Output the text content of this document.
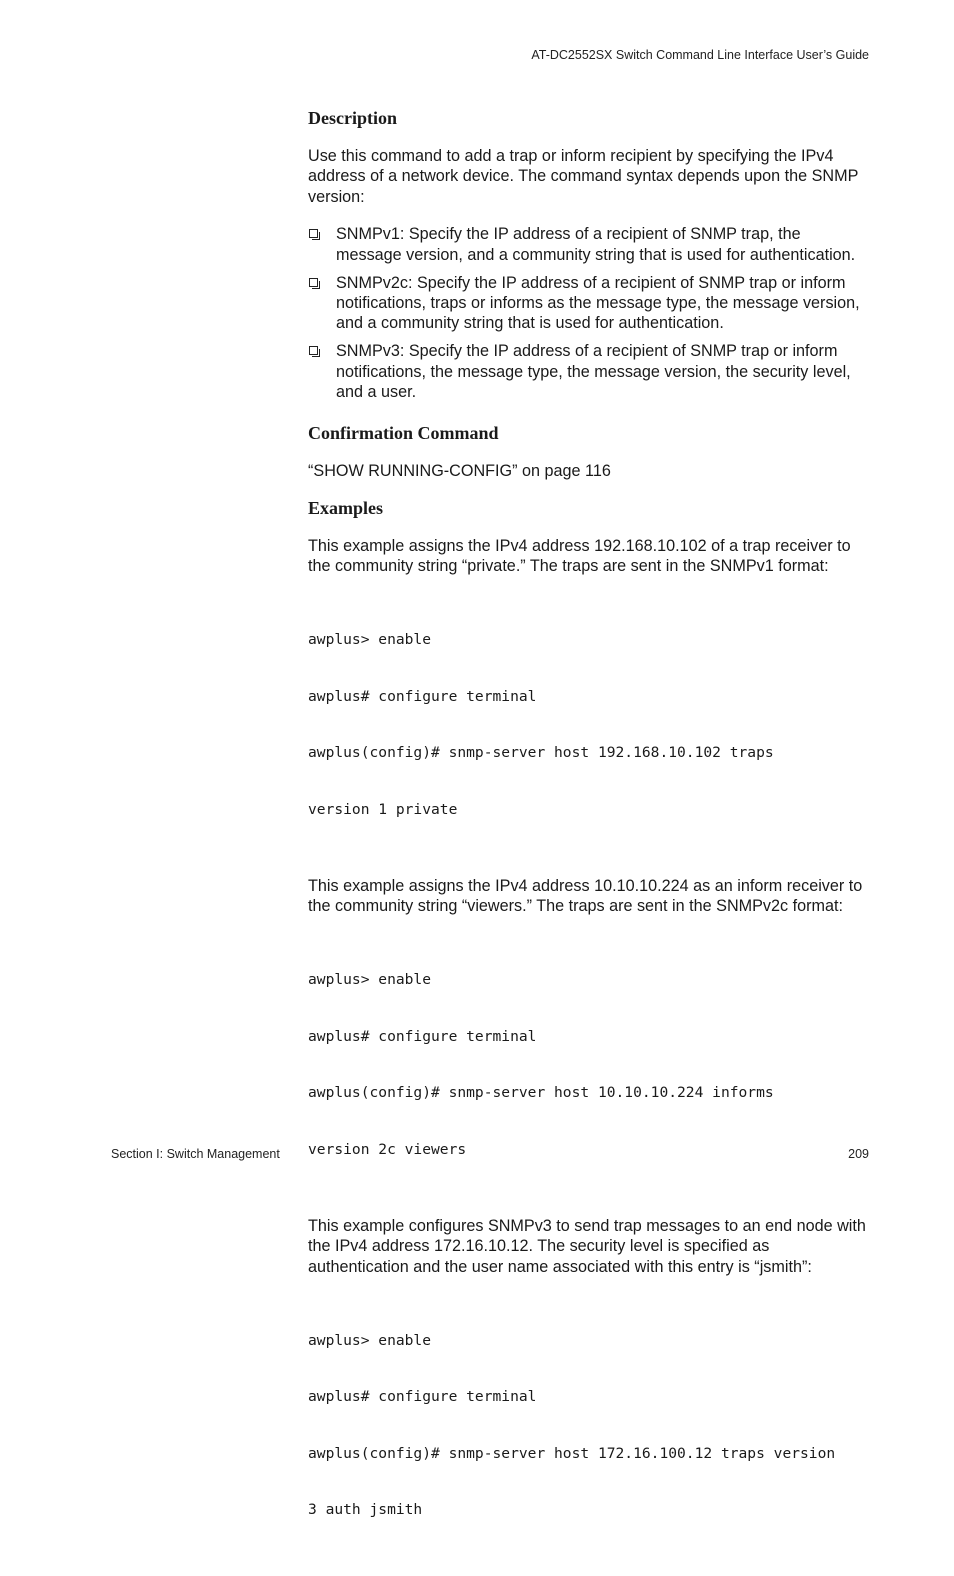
AT-DC2552SX Switch Command Line Interface User’s Guide
Description

Use this command to add a trap or inform recipient by specifying the IPv4 address of a network device. The command syntax depends upon the SNMP version:

SNMPv1: Specify the IP address of a recipient of SNMP trap, the message version, and a community string that is used for authentication.
SNMPv2c: Specify the IP address of a recipient of SNMP trap or inform notifications, traps or informs as the message type, the message version, and a community string that is used for authentication.
SNMPv3: Specify the IP address of a recipient of SNMP trap or inform notifications, the message type, the message version, the security level, and a user.
Confirmation Command

“SHOW RUNNING-CONFIG” on page 116

Examples

This example assigns the IPv4 address 192.168.10.102 of a trap receiver to the community string “private.” The traps are sent in the SNMPv1 format:

awplus> enable

awplus# configure terminal

awplus(config)# snmp-server host 192.168.10.102 traps

version 1 private

This example assigns the IPv4 address 10.10.10.224 as an inform receiver to the community string “viewers.” The traps are sent in the SNMPv2c format:

awplus> enable

awplus# configure terminal

awplus(config)# snmp-server host 10.10.10.224 informs

version 2c viewers

This example configures SNMPv3 to send trap messages to an end node with the IPv4 address 172.16.10.12. The security level is specified as authentication and the user name associated with this entry is “jsmith”:

awplus> enable

awplus# configure terminal

awplus(config)# snmp-server host 172.16.100.12 traps version

3 auth jsmith

Section I: Switch Management	209
